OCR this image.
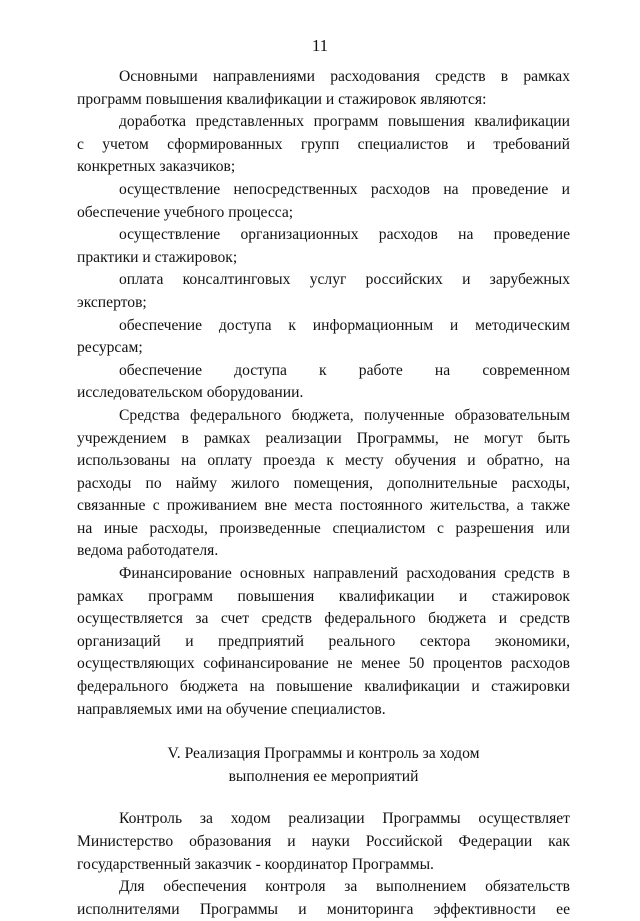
11
Основными направлениями расходования средств в рамках
программ повышения квалификации и стажировок являются:
доработка представленных программ повышения квалификации
с учетом сформированных групп специалистов и требований
конкретных заказчиков;
осуществление непосредственных расходов на проведение и
обеспечение учебного процесса;
осуществление организационных расходов на проведение
практики и стажировок;
оплата консалтинговых услуг российских и зарубежных
экспертов;
обеспечение доступа к информационным и методическим
ресурсам;
обеспечение доступа к работе на современном
исследовательском оборудовании.
Средства федерального бюджета, полученные образовательным
учреждением в рамках реализации Программы, не могут быть
использованы на оплату проезда к месту обучения и обратно, на
расходы по найму жилого помещения, дополнительные расходы,
связанные с проживанием вне места постоянного жительства, а также
на иные расходы, произведенные специалистом с разрешения или
ведома работодателя.
Финансирование основных направлений расходования средств в
рамках программ повышения квалификации и стажировок
осуществляется за счет средств федерального бюджета и средств
организаций и предприятий реального сектора экономики,
осуществляющих софинансирование не менее 50 процентов расходов
федерального бюджета на повышение квалификации и стажировки
направляемых ими на обучение специалистов.
V. Реализация Программы и контроль за ходом
выполнения ее мероприятий
Контроль за ходом реализации Программы осуществляет
Министерство образования и науки Российской Федерации как
государственный заказчик - координатор Программы.
Для обеспечения контроля за выполнением обязательств
исполнителями Программы и мониторинга эффективности ее
